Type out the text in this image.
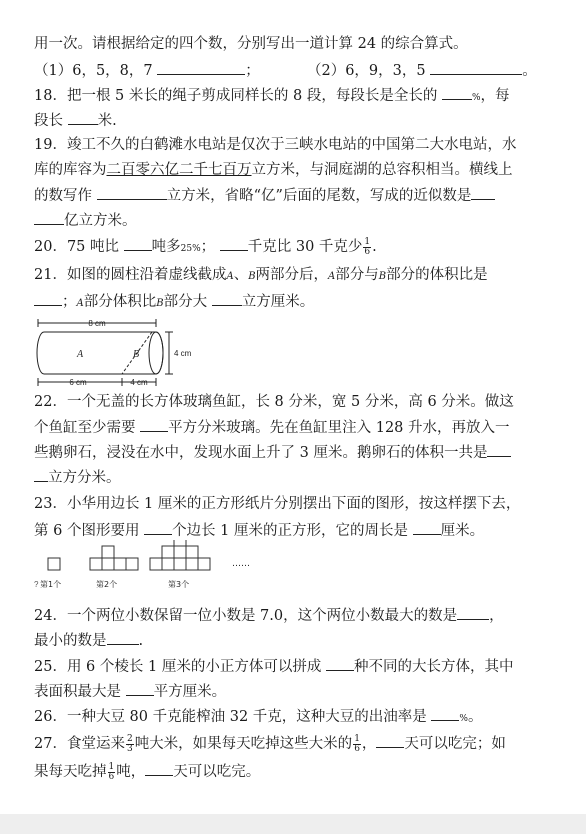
用一次。请根据给定的四个数，分别写出一道计算 24 的综合算式。
（1）6，5，8，7	；	（2）6，9，3，5	。
18．把一根 5 米长的绳子剪成同样长的 8 段，每段长是全长的	%，每
段长 米.
19．竣工不久的白鹤滩水电站是仅次于三峡水电站的中国第二大水电站，水
库的库容为二百零六亿二千七百万立方米，与洞庭湖的总容积相当。横线上
的数写作	立方米，省略“亿”后面的尾数，写成的近似数是
亿立方米。
20．75 吨比 吨多25%； 千克比 30 千克少 $\frac{1}{6}$ .
21．如图的圆柱沿着虚线截成A、B两部分后，A部分与B部分的体积比是
；A部分体积比B部分大 立方厘米。
8 cm
A	B	4 cm
6 cm	4 cm
22．一个无盖的长方体玻璃鱼缸，长 8 分米，宽 5 分米，高 6 分米。做这
个鱼缸至少需要 平方分米玻璃。先在鱼缸里注入 128 升水，再放入一
些鹅卵石，浸没在水中，发现水面上升了 3 厘米。鹅卵石的体积一共是
立方分米。
23．小华用边长 1 厘米的正方形纸片分别摆出下面的图形，按这样摆下去，
第 6 个图形要用 个边长 1 厘米的正方形，它的周长是 厘米。
? 第1个	第2个	第3个
……
24．一个两位小数保留一位小数是 7.0，这个两位小数最大的数是 ，
最小的数是 .
25．用 6 个棱长 1 厘米的小正方体可以拼成 种不同的大长方体，其中
表面积最大是 平方厘米。
26．一种大豆 80 千克能榨油 32 千克，这种大豆的出油率是	%。
27．食堂运来 $\frac{2}{3}$ 吨大米，如果每天吃掉这些大米的 $\frac{1}{6}$ ， 天可以吃完；如
果每天吃掉 $\frac{1}{6}$ 吨， 天可以吃完。
